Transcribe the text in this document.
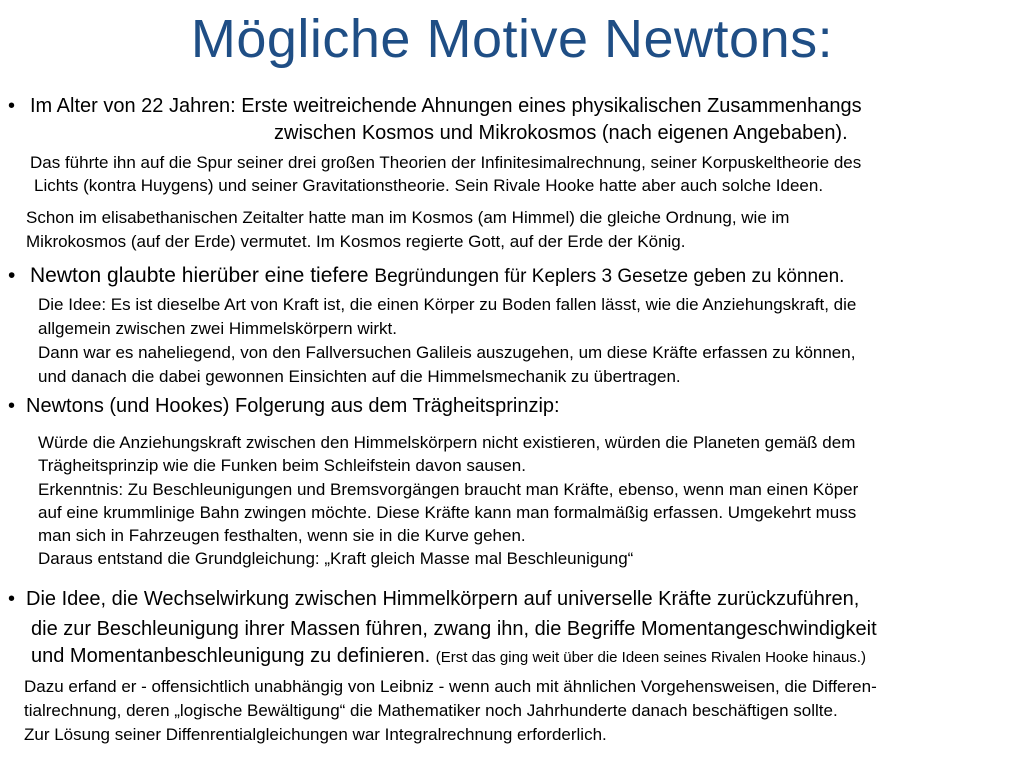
Mögliche Motive Newtons:
• Im Alter von 22 Jahren: Erste weitreichende Ahnungen eines physikalischen Zusammenhangs
zwischen Kosmos und Mikrokosmos (nach eigenen Angebaben).
Das führte ihn auf die Spur seiner drei großen Theorien der Infinitesimalrechnung, seiner Korpuskeltheorie des
Lichts (kontra Huygens) und seiner Gravitationstheorie. Sein Rivale Hooke hatte aber auch solche Ideen.
Schon im elisabethanischen Zeitalter hatte man im Kosmos (am Himmel) die gleiche Ordnung, wie im
Mikrokosmos (auf der Erde) vermutet. Im Kosmos regierte Gott, auf der Erde der König.
• Newton glaubte hierüber eine tiefere Begründungen für Keplers 3 Gesetze geben zu können.
Die Idee: Es ist dieselbe Art von Kraft ist, die einen Körper zu Boden fallen lässt, wie die Anziehungskraft, die
allgemein zwischen zwei Himmelskörpern wirkt.
Dann war es naheliegend, von den Fallversuchen Galileis auszugehen, um diese Kräfte erfassen zu können,
und danach die dabei gewonnen Einsichten auf die Himmelsmechanik zu übertragen.
• Newtons (und Hookes) Folgerung aus dem Trägheitsprinzip:
Würde die Anziehungskraft zwischen den Himmelskörpern nicht existieren, würden die Planeten gemäß dem
Trägheitsprinzip wie die Funken beim Schleifstein davon sausen.
Erkenntnis: Zu Beschleunigungen und Bremsvorgängen braucht man Kräfte, ebenso, wenn man einen Köper
auf eine krummlinige Bahn zwingen möchte. Diese Kräfte kann man formalmäßig erfassen. Umgekehrt muss
man sich in Fahrzeugen festhalten, wenn sie in die Kurve gehen.
Daraus entstand die Grundgleichung: „Kraft gleich Masse mal Beschleunigung“
• Die Idee, die Wechselwirkung zwischen Himmelkörpern auf universelle Kräfte zurückzuführen,
die zur Beschleunigung ihrer Massen führen, zwang ihn, die Begriffe Momentangeschwindigkeit
und Momentanbeschleunigung zu definieren. (Erst das ging weit über die Ideen seines Rivalen Hooke hinaus.)
Dazu erfand er - offensichtlich unabhängig von Leibniz - wenn auch mit ähnlichen Vorgehensweisen, die Differen-
tialrechnung, deren „logische Bewältigung“ die Mathematiker noch Jahrhunderte danach beschäftigen sollte.
Zur Lösung seiner Diffenrentialgleichungen war Integralrechnung erforderlich.
